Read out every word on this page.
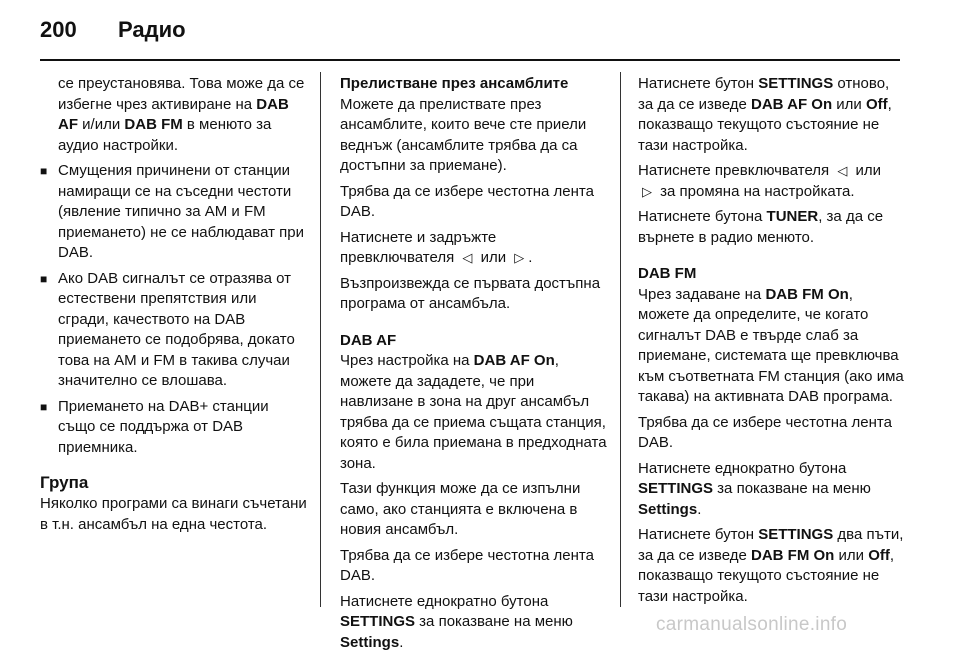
200 Радио

се преустановява. Това може да се избегне чрез активиране на DAB AF и/или DAB FM в менюто за аудио настройки.

■ Смущения причинени от станции намиращи се на съседни честоти (явление типично за AM и FM приемането) не се наблюдават при DAB.
■ Ако DAB сигналът се отразява от естествени препятствия или сгради, качеството на DAB приемането се подобрява, докато това на AM и FM в такива случаи значително се влошава.
■ Приемането на DAB+ станции също се поддържа от DAB приемника.
Група

Няколко програми са винаги съчетани в т.н. ансамбъл на една честота.

Прелистване през ансамблите

Можете да прелиствате през ансамблите, които вече сте приели веднъж (ансамблите трябва да са достъпни за приемане).

Трябва да се избере честотна лента DAB.

Натиснете и задръжте превключвателя ◁ или ▷ .

Възпроизвежда се първата достъпна програма от ансамбъла.

DAB AF

Чрез настройка на DAB AF On, можете да зададете, че при навлизане в зона на друг ансамбъл трябва да се приема същата станция, която е била приемана в предходната зона.

Тази функция може да се изпълни само, ако станцията е включена в новия ансамбъл.

Трябва да се избере честотна лента DAB.

Натиснете еднократно бутона SETTINGS за показване на меню Settings.

Натиснете бутон SETTINGS отново, за да се изведе DAB AF On или Off, показващо текущото състояние не тази настройка.

Натиснете превключвателя ◁ или
▷ за промяна на настройката.

Натиснете бутона TUNER, за да се върнете в радио менюто.

DAB FM

Чрез задаване на DAB FM On, можете да определите, че когато сигналът DAB е твърде слаб за приемане, системата ще превключва към съответната FM станция (ако има такава) на активната DAB програма.

Трябва да се избере честотна лента DAB.

Натиснете еднократно бутона SETTINGS за показване на меню Settings.

Натиснете бутон SETTINGS два пъти, за да се изведе DAB FM On или Off, показващо текущото състояние не тази настройка.

carmanualsonline.info
